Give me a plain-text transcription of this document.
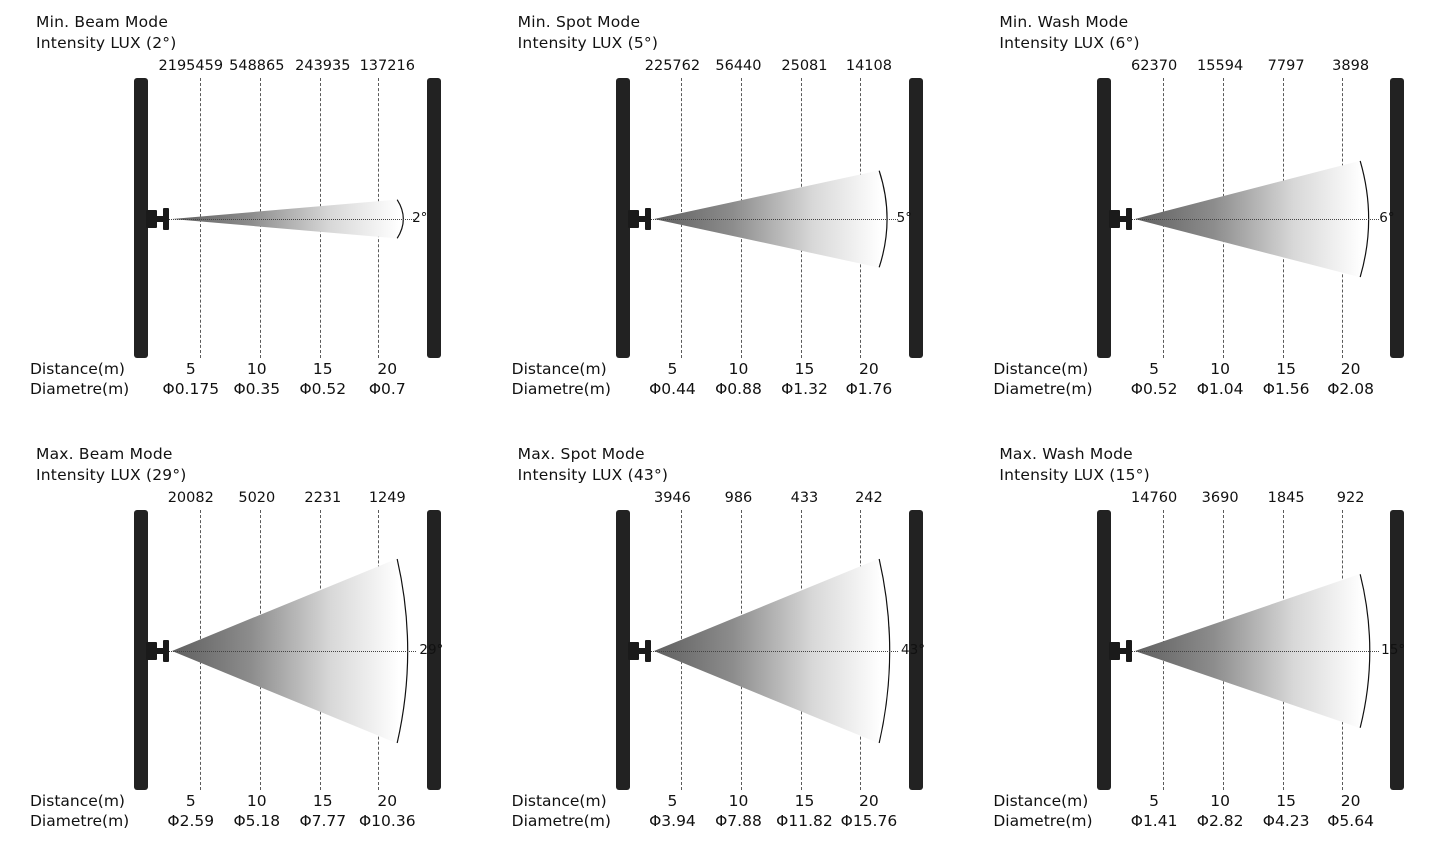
Min. Beam Mode
Intensity LUX (2°)
2195459 548865 243935 137216
2°
Distance(m)	5	10	15	20
Diametre(m) Φ0.175 Φ0.35 Φ0.52 Φ0.7
Min. Spot Mode
Intensity LUX (5°)
225762 56440 25081 14108
5°
Distance(m)	5	10	15	20
Diametre(m) Φ0.44 Φ0.88 Φ1.32 Φ1.76
Min. Wash Mode
Intensity LUX (6°)
62370 15594 7797 3898
6°
Distance(m)	5	10	15	20
Diametre(m) Φ0.52 Φ1.04 Φ1.56 Φ2.08
Max. Beam Mode
Intensity LUX (29°)
20082 5020 2231 1249
29°
Distance(m)	5	10	15	20
Diametre(m) Φ2.59 Φ5.18 Φ7.77 Φ10.36
Max. Spot Mode
Intensity LUX (43°)
3946 986	433	242
43°
Distance(m)	5	10	15	20
Diametre(m) Φ3.94 Φ7.88 Φ11.82 Φ15.76
Max. Wash Mode
Intensity LUX (15°)
14760 3690 1845 922
15°
Distance(m)	5	10	15	20
Diametre(m) Φ1.41 Φ2.82 Φ4.23 Φ5.64
